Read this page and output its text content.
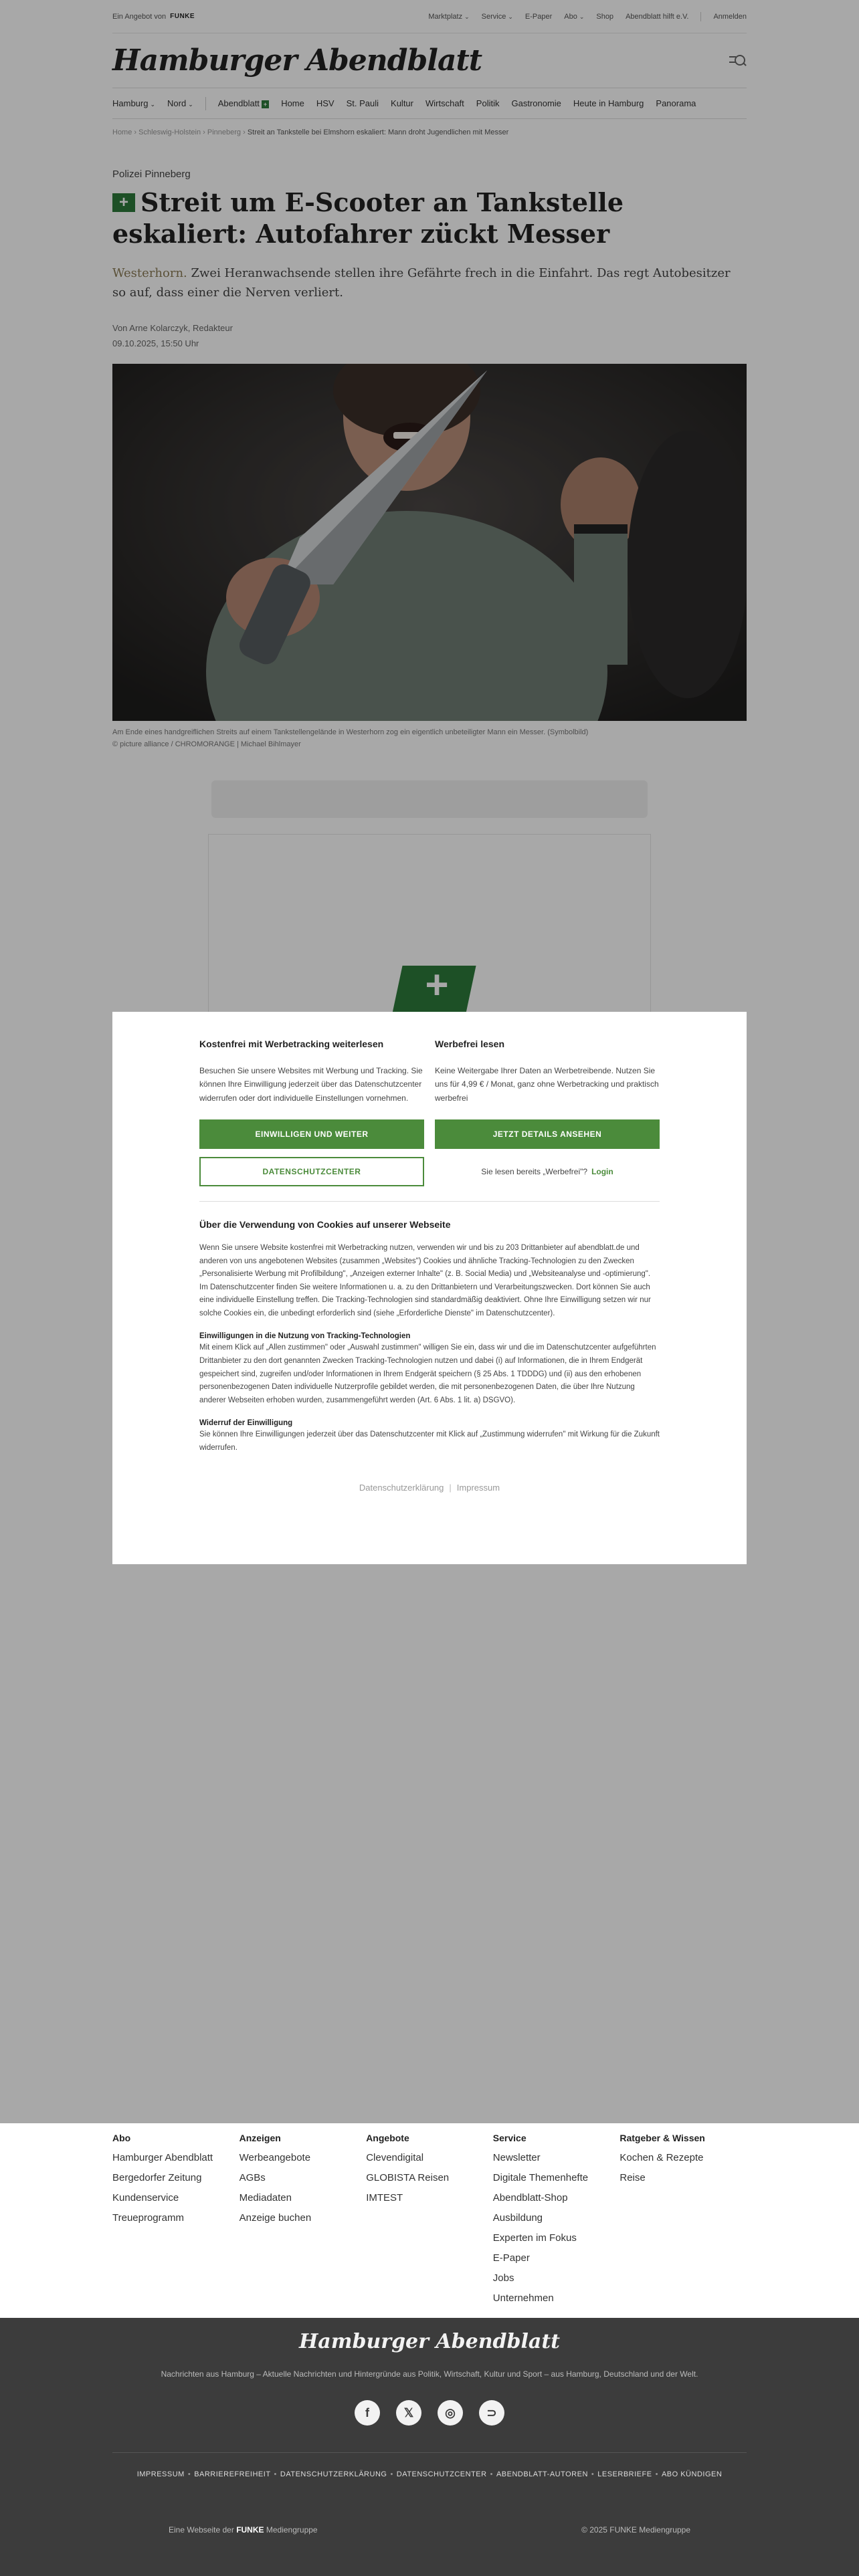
Ein Angebot von FUNKE	Marktplatz ⌄ Service ⌄ E-Paper Abo ⌄ Shop Abendblatt hilft e.V.	Anmelden
Hamburger Abendblatt
Hamburg ⌄	Nord ⌄	Abendblatt +	Home	HSV	St. Pauli	Kultur	Wirtschaft	Politik	Gastronomie	Heute in Hamburg	Panorama
Home › Schleswig-Holstein › Pinneberg › Streit an Tankstelle bei Elmshorn eskaliert: Mann droht Jugendlichen mit Messer
Polizei Pinneberg
+ Streit um E-Scooter an Tankstelle eskaliert: Autofahrer zückt Messer

Westerhorn. Zwei Heranwachsende stellen ihre Gefährte frech in die Einfahrt. Das regt Autobesitzer so auf, dass einer die Nerven verliert.

Von Arne Kolarczyk, Redakteur
09.10.2025, 15:50 Uhr
Am Ende eines handgreiflichen Streits auf einem Tankstellengelände in Westerhorn zog ein eigentlich unbeteiligter Mann ein Messer. (Symbolbild)
© picture alliance / CHROMORANGE | Michael Bihlmayer
+
Kostenfrei mit Werbetracking weiterlesen

Besuchen Sie unsere Websites mit Werbung und Tracking. Sie können Ihre Einwilligung jederzeit über das Datenschutzcenter widerrufen oder dort individuelle Einstellungen vornehmen.

EINWILLIGEN UND WEITER
DATENSCHUTZCENTER
Werbefrei lesen

Keine Weitergabe Ihrer Daten an Werbetreibende. Nutzen Sie uns für 4,99 € / Monat, ganz ohne Werbetracking und praktisch werbefrei

JETZT DETAILS ANSEHEN
Sie lesen bereits „Werbefrei"? Login
Über die Verwendung von Cookies auf unserer Webseite

Wenn Sie unsere Website kostenfrei mit Werbetracking nutzen, verwenden wir und bis zu 203 Drittanbieter auf abendblatt.de und anderen von uns angebotenen Websites (zusammen „Websites") Cookies und ähnliche Tracking-Technologien zu den Zwecken „Personalisierte Werbung mit Profilbildung", „Anzeigen externer Inhalte" (z. B. Social Media) und „Websiteanalyse und -optimierung". Im Datenschutzcenter finden Sie weitere Informationen u. a. zu den Drittanbietern und Verarbeitungszwecken. Dort können Sie auch eine individuelle Einstellung treffen. Die Tracking-Technologien sind standardmäßig deaktiviert. Ohne Ihre Einwilligung setzen wir nur solche Cookies ein, die unbedingt erforderlich sind (siehe „Erforderliche Dienste" im Datenschutzcenter).

Einwilligungen in die Nutzung von Tracking-Technologien

Mit einem Klick auf „Allen zustimmen" oder „Auswahl zustimmen" willigen Sie ein, dass wir und die im Datenschutzcenter aufgeführten Drittanbieter zu den dort genannten Zwecken Tracking-Technologien nutzen und dabei (i) auf Informationen, die in Ihrem Endgerät gespeichert sind, zugreifen und/oder Informationen in Ihrem Endgerät speichern (§ 25 Abs. 1 TDDDG) und (ii) aus den erhobenen personenbezogenen Daten individuelle Nutzerprofile gebildet werden, die mit personenbezogenen Daten, die über Ihre Nutzung anderer Webseiten erhoben wurden, zusammengeführt werden (Art. 6 Abs. 1 lit. a) DSGVO).

Widerruf der Einwilligung

Sie können Ihre Einwilligungen jederzeit über das Datenschutzcenter mit Klick auf „Zustimmung widerrufen" mit Wirkung für die Zukunft widerrufen.

Datenschutzerklärung | Impressum
Abo
Hamburger Abendblatt
Bergedorfer Zeitung
Kundenservice
Treueprogramm
Anzeigen
Werbeangebote
AGBs
Mediadaten
Anzeige buchen
Angebote
Clevendigital
GLOBISTA Reisen
IMTEST
Service
Newsletter
Digitale Themenhefte
Abendblatt-Shop
Ausbildung
Experten im Fokus
E-Paper
Jobs
Unternehmen
Ratgeber & Wissen
Kochen & Rezepte
Reise
Hamburger Abendblatt
Nachrichten aus Hamburg – Aktuelle Nachrichten und Hintergründe aus Politik, Wirtschaft, Kultur und Sport – aus Hamburg, Deutschland und der Welt.
f	𝕏	◎	⊃
IMPRESSUM • BARRIEREFREIHEIT • DATENSCHUTZERKLÄRUNG • DATENSCHUTZCENTER • ABENDBLATT-AUTOREN • LESERBRIEFE • ABO KÜNDIGEN
Eine Webseite der FUNKE Mediengruppe	© 2025 FUNKE Mediengruppe
